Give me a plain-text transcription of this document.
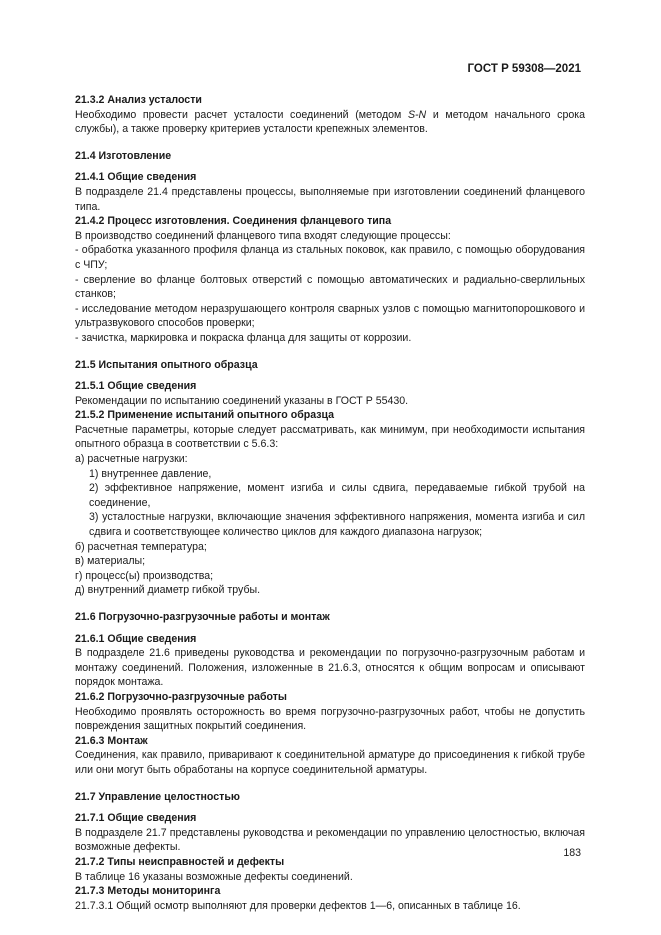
ГОСТ Р 59308—2021

21.3.2 Анализ усталости

Необходимо провести расчет усталости соединений (методом S-N и методом начального срока службы), а также проверку критериев усталости крепежных элементов.

21.4 Изготовление

21.4.1 Общие сведения

В подразделе 21.4 представлены процессы, выполняемые при изготовлении соединений фланцевого типа.

21.4.2 Процесс изготовления. Соединения фланцевого типа

В производство соединений фланцевого типа входят следующие процессы:

- обработка указанного профиля фланца из стальных поковок, как правило, с помощью оборудования с ЧПУ;

- сверление во фланце болтовых отверстий с помощью автоматических и радиально-сверлильных станков;

- исследование методом неразрушающего контроля сварных узлов с помощью магнитопорошкового и ультразвукового способов проверки;

- зачистка, маркировка и покраска фланца для защиты от коррозии.

21.5 Испытания опытного образца

21.5.1 Общие сведения

Рекомендации по испытанию соединений указаны в ГОСТ Р 55430.

21.5.2 Применение испытаний опытного образца

Расчетные параметры, которые следует рассматривать, как минимум, при необходимости испытания опытного образца в соответствии с 5.6.3:

а) расчетные нагрузки:

1) внутреннее давление,

2) эффективное напряжение, момент изгиба и силы сдвига, передаваемые гибкой трубой на соединение,

3) усталостные нагрузки, включающие значения эффективного напряжения, момента изгиба и сил сдвига и соответствующее количество циклов для каждого диапазона нагрузок;

б) расчетная температура;

в) материалы;

г) процесс(ы) производства;

д) внутренний диаметр гибкой трубы.

21.6 Погрузочно-разгрузочные работы и монтаж

21.6.1 Общие сведения

В подразделе 21.6 приведены руководства и рекомендации по погрузочно-разгрузочным работам и монтажу соединений. Положения, изложенные в 21.6.3, относятся к общим вопросам и описывают порядок монтажа.

21.6.2 Погрузочно-разгрузочные работы

Необходимо проявлять осторожность во время погрузочно-разгрузочных работ, чтобы не допустить повреждения защитных покрытий соединения.

21.6.3 Монтаж

Соединения, как правило, приваривают к соединительной арматуре до присоединения к гибкой трубе или они могут быть обработаны на корпусе соединительной арматуры.

21.7 Управление целостностью

21.7.1 Общие сведения

В подразделе 21.7 представлены руководства и рекомендации по управлению целостностью, включая возможные дефекты.

21.7.2 Типы неисправностей и дефекты

В таблице 16 указаны возможные дефекты соединений.

21.7.3 Методы мониторинга

21.7.3.1 Общий осмотр выполняют для проверки дефектов 1—6, описанных в таблице 16.

183
